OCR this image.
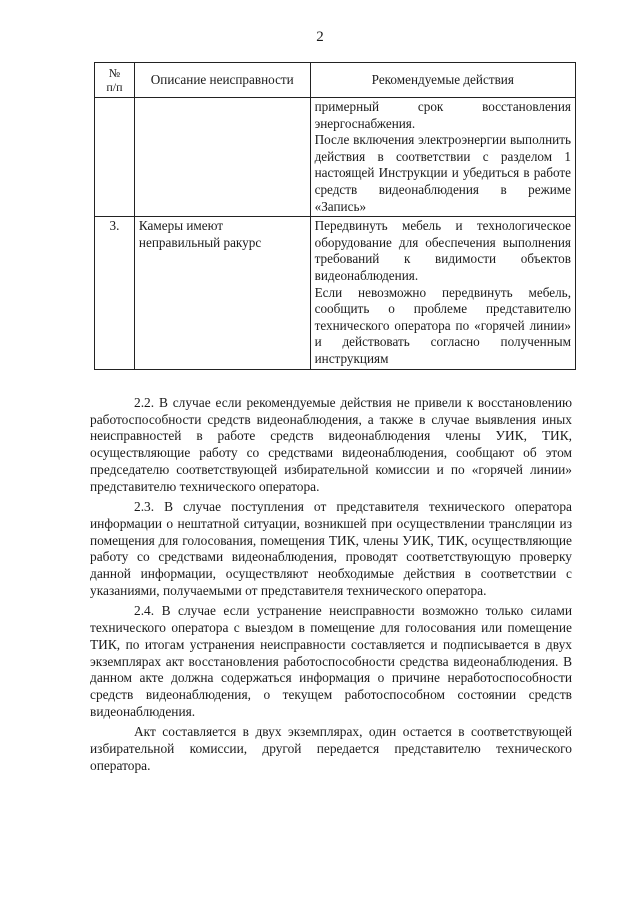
2
№
п/п	Описание неисправности	Рекомендуемые действия

		примерный срок восстановления энергоснабжения.

После включения электроэнергии выполнить действия в соответствии с разделом 1 настоящей Инструкции и убедиться в работе средств видеонаблюдения в режиме «Запись»

3.	Камеры имеют неправильный ракурс	Передвинуть мебель и технологическое оборудование для обеспечения выполнения требований к видимости объектов видеонаблюдения.

Если невозможно передвинуть мебель, сообщить о проблеме представителю технического оператора по «горячей линии» и действовать согласно полученным инструкциям

2.2. В случае если рекомендуемые действия не привели к восстановлению работоспособности средств видеонаблюдения, а также в случае выявления иных неисправностей в работе средств видеонаблюдения члены УИК, ТИК, осуществляющие работу со средствами видеонаблюдения, сообщают об этом председателю соответствующей избирательной комиссии и по «горячей линии» представителю технического оператора.

2.3. В случае поступления от представителя технического оператора информации о нештатной ситуации, возникшей при осуществлении трансляции из помещения для голосования, помещения ТИК, члены УИК, ТИК, осуществляющие работу со средствами видеонаблюдения, проводят соответствующую проверку данной информации, осуществляют необходимые действия в соответствии с указаниями, получаемыми от представителя технического оператора.

2.4. В случае если устранение неисправности возможно только силами технического оператора с выездом в помещение для голосования или помещение ТИК, по итогам устранения неисправности составляется и подписывается в двух экземплярах акт восстановления работоспособности средства видеонаблюдения. В данном акте должна содержаться информация о причине неработоспособности средств видеонаблюдения, о текущем работоспособном состоянии средств видеонаблюдения.

Акт составляется в двух экземплярах, один остается в соответствующей избирательной комиссии, другой передается представителю технического оператора.
